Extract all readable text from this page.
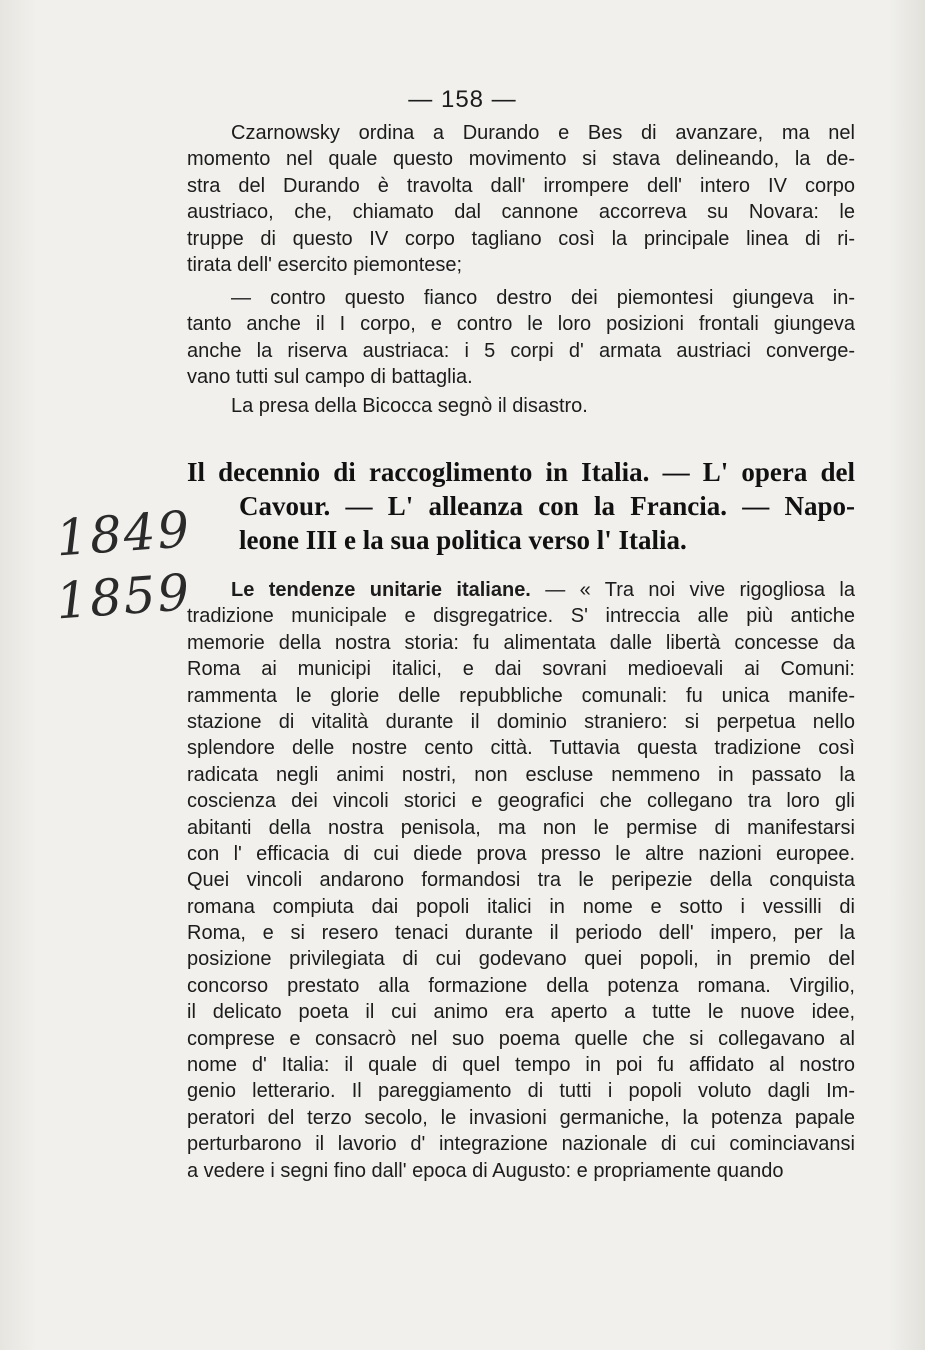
— 158 —
Czarnowsky ordina a Durando e Bes di avanzare, ma nel
momento nel quale questo movimento si stava delineando, la de-
stra del Durando è travolta dall' irrompere dell' intero IV corpo
austriaco, che, chiamato dal cannone accorreva su Novara: le
truppe di questo IV corpo tagliano così la principale linea di ri-
tirata dell' esercito piemontese;
— contro questo fianco destro dei piemontesi giungeva in-
tanto anche il I corpo, e contro le loro posizioni frontali giungeva
anche la riserva austriaca: i 5 corpi d' armata austriaci converge-
vano tutti sul campo di battaglia.
La presa della Bicocca segnò il disastro.
Il decennio di raccoglimento in Italia. — L' opera del
Cavour. — L' alleanza con la Francia. — Napo-
leone III e la sua politica verso l' Italia.
1849
1859	Le tendenze unitarie italiane. — « Tra noi vive rigogliosa la
tradizione municipale e disgregatrice. S' intreccia alle più antiche
memorie della nostra storia: fu alimentata dalle libertà concesse da
Roma ai municipi italici, e dai sovrani medioevali ai Comuni:
rammenta le glorie delle repubbliche comunali: fu unica manife-
stazione di vitalità durante il dominio straniero: si perpetua nello
splendore delle nostre cento città. Tuttavia questa tradizione così
radicata negli animi nostri, non escluse nemmeno in passato la
coscienza dei vincoli storici e geografici che collegano tra loro gli
abitanti della nostra penisola, ma non le permise di manifestarsi
con l' efficacia di cui diede prova presso le altre nazioni europee.
Quei vincoli andarono formandosi tra le peripezie della conquista
romana compiuta dai popoli italici in nome e sotto i vessilli di
Roma, e si resero tenaci durante il periodo dell' impero, per la
posizione privilegiata di cui godevano quei popoli, in premio del
concorso prestato alla formazione della potenza romana. Virgilio,
il delicato poeta il cui animo era aperto a tutte le nuove idee,
comprese e consacrò nel suo poema quelle che si collegavano al
nome d' Italia: il quale di quel tempo in poi fu affidato al nostro
genio letterario. Il pareggiamento di tutti i popoli voluto dagli Im-
peratori del terzo secolo, le invasioni germaniche, la potenza papale
perturbarono il lavorio d' integrazione nazionale di cui cominciavansi
a vedere i segni fino dall' epoca di Augusto: e propriamente quando
